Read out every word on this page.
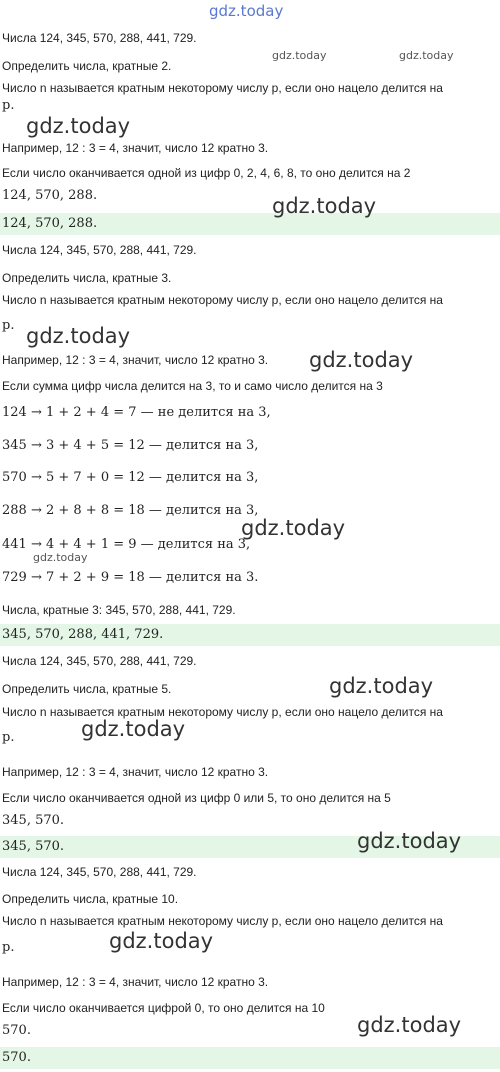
Числа 124, 345, 570, 288, 441, 729.
Определить числа, кратные 2.
Число n называется кратным некоторому числу p, если оно нацело делится на
p.
Например, 12 : 3 = 4, значит, число 12 кратно 3.
Если число оканчивается одной из цифр 0, 2, 4, 6, 8, то оно делится на 2
124, 570, 288.
124, 570, 288.
Числа 124, 345, 570, 288, 441, 729.
Определить числа, кратные 3.
Число n называется кратным некоторому числу p, если оно нацело делится на
p.
Например, 12 : 3 = 4, значит, число 12 кратно 3.
Если сумма цифр числа делится на 3, то и само число делится на 3
124 → 1 + 2 + 4 = 7 — не делится на 3,
345 → 3 + 4 + 5 = 12 — делится на 3,
570 → 5 + 7 + 0 = 12 — делится на 3,
288 → 2 + 8 + 8 = 18 — делится на 3,
441 → 4 + 4 + 1 = 9 — делится на 3,
729 → 7 + 2 + 9 = 18 — делится на 3.
Числа, кратные 3: 345, 570, 288, 441, 729.
345, 570, 288, 441, 729.
Числа 124, 345, 570, 288, 441, 729.
Определить числа, кратные 5.
Число n называется кратным некоторому числу p, если оно нацело делится на
p.
Например, 12 : 3 = 4, значит, число 12 кратно 3.
Если число оканчивается одной из цифр 0 или 5, то оно делится на 5
345, 570.
345, 570.
Числа 124, 345, 570, 288, 441, 729.
Определить числа, кратные 10.
Число n называется кратным некоторому числу p, если оно нацело делится на
p.
Например, 12 : 3 = 4, значит, число 12 кратно 3.
Если число оканчивается цифрой 0, то оно делится на 10
570.
570.
gdz.today
gdz.today	gdz.today
gdz.today
gdz.today
gdz.today
gdz.today
gdz.today
gdz.today
gdz.today
gdz.today
gdz.today
gdz.today
gdz.today
